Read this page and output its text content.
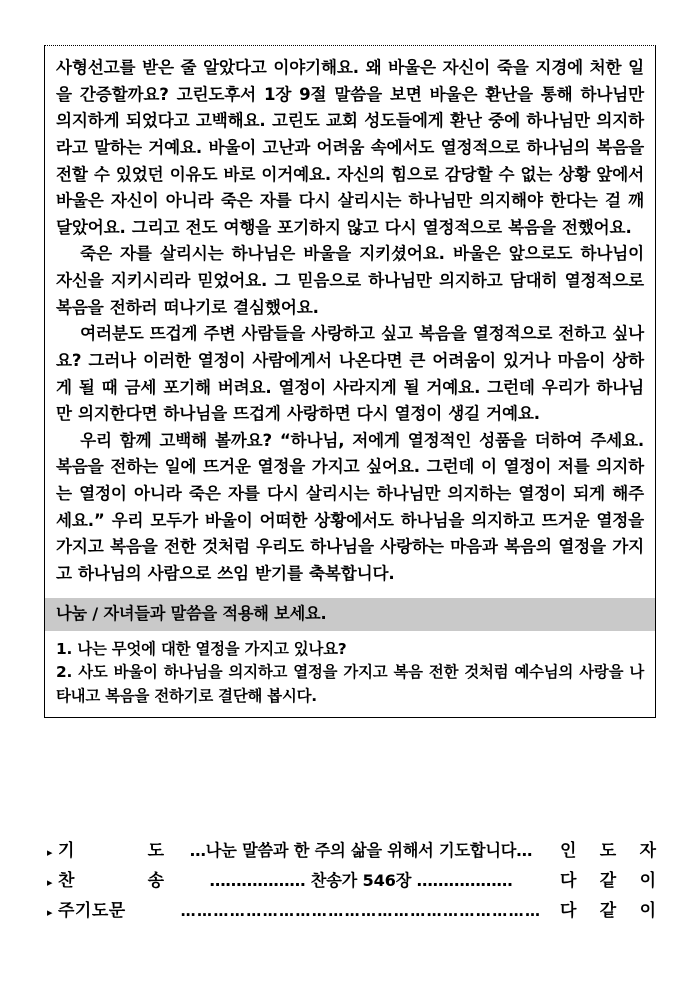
사형선고를 받은 줄 알았다고 이야기해요. 왜 바울은 자신이 죽을 지경에 처한 일을 간증할까요? 고린도후서 1장 9절 말씀을 보면 바울은 환난을 통해 하나님만 의지하게 되었다고 고백해요. 고린도 교회 성도들에게 환난 중에 하나님만 의지하라고 말하는 거예요. 바울이 고난과 어려움 속에서도 열정적으로 하나님의 복음을 전할 수 있었던 이유도 바로 이거예요. 자신의 힘으로 감당할 수 없는 상황 앞에서 바울은 자신이 아니라 죽은 자를 다시 살리시는 하나님만 의지해야 한다는 걸 깨달았어요. 그리고 전도 여행을 포기하지 않고 다시 열정적으로 복음을 전했어요.

죽은 자를 살리시는 하나님은 바울을 지키셨어요. 바울은 앞으로도 하나님이 자신을 지키시리라 믿었어요. 그 믿음으로 하나님만 의지하고 담대히 열정적으로 복음을 전하러 떠나기로 결심했어요.

여러분도 뜨겁게 주변 사람들을 사랑하고 싶고 복음을 열정적으로 전하고 싶나요? 그러나 이러한 열정이 사람에게서 나온다면 큰 어려움이 있거나 마음이 상하게 될 때 금세 포기해 버려요. 열정이 사라지게 될 거예요. 그런데 우리가 하나님만 의지한다면 하나님을 뜨겁게 사랑하면 다시 열정이 생길 거예요.

우리 함께 고백해 볼까요? “하나님, 저에게 열정적인 성품을 더하여 주세요. 복음을 전하는 일에 뜨거운 열정을 가지고 싶어요. 그런데 이 열정이 저를 의지하는 열정이 아니라 죽은 자를 다시 살리시는 하나님만 의지하는 열정이 되게 해주세요.” 우리 모두가 바울이 어떠한 상황에서도 하나님을 의지하고 뜨거운 열정을 가지고 복음을 전한 것처럼 우리도 하나님을 사랑하는 마음과 복음의 열정을 가지고 하나님의 사람으로 쓰임 받기를 축복합니다.

나눔 / 자녀들과 말씀을 적용해 보세요.

1. 나는 무엇에 대한 열정을 가지고 있나요?

2. 사도 바울이 하나님을 의지하고 열정을 가지고 복음 전한 것처럼 예수님의 사랑을 나타내고 복음을 전하기로 결단해 봅시다.

▸ 기	도	…나눈 말씀과 한 주의 삶을 위해서 기도합니다…	인 도 자
▸ 찬	송	……………… 찬송가 546장 ………………	다 같 이
▸ 주기도문	…………………………………………………………	다 같 이
